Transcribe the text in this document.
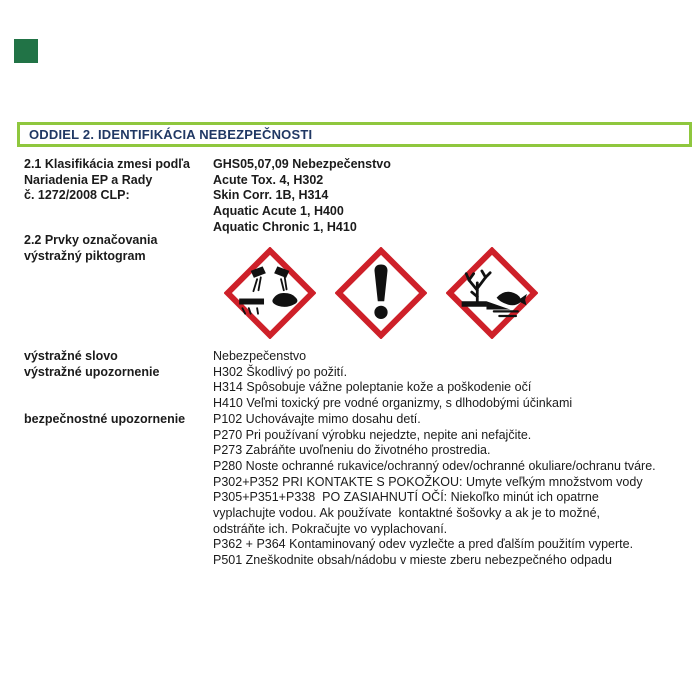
ODDIEL 2. IDENTIFIKÁCIA NEBEZPEČNOSTI
2.1 Klasifikácia zmesi podľa
Nariadenia EP a Rady
č. 1272/2008 CLP:
GHS05,07,09 Nebezpečenstvo
Acute Tox. 4, H302
Skin Corr. 1B, H314
Aquatic Acute 1, H400
Aquatic Chronic 1, H410
2.2 Prvky označovania
výstražný piktogram
výstražné slovo
výstražné upozornenie
bezpečnostné upozornenie
Nebezpečenstvo
H302 Škodlivý po požití.
H314 Spôsobuje vážne poleptanie kože a poškodenie očí
H410 Veľmi toxický pre vodné organizmy, s dlhodobými účinkami
P102 Uchovávajte mimo dosahu detí.
P270 Pri používaní výrobku nejedzte, nepite ani nefajčite.
P273 Zabráňte uvoľneniu do životného prostredia.
P280 Noste ochranné rukavice/ochranný odev/ochranné okuliare/ochranu tváre.
P302+P352 PRI KONTAKTE S POKOŽKOU: Umyte veľkým množstvom vody
P305+P351+P338  PO ZASIAHNUTÍ OČÍ: Niekoľko minút ich opatrne
vyplachujte vodou. Ak používate  kontaktné šošovky a ak je to možné,
odstráňte ich. Pokračujte vo vyplachovaní.
P362 + P364 Kontaminovaný odev vyzlečte a pred ďalším použitím vyperte.
P501 Zneškodnite obsah/nádobu v mieste zberu nebezpečného odpadu
